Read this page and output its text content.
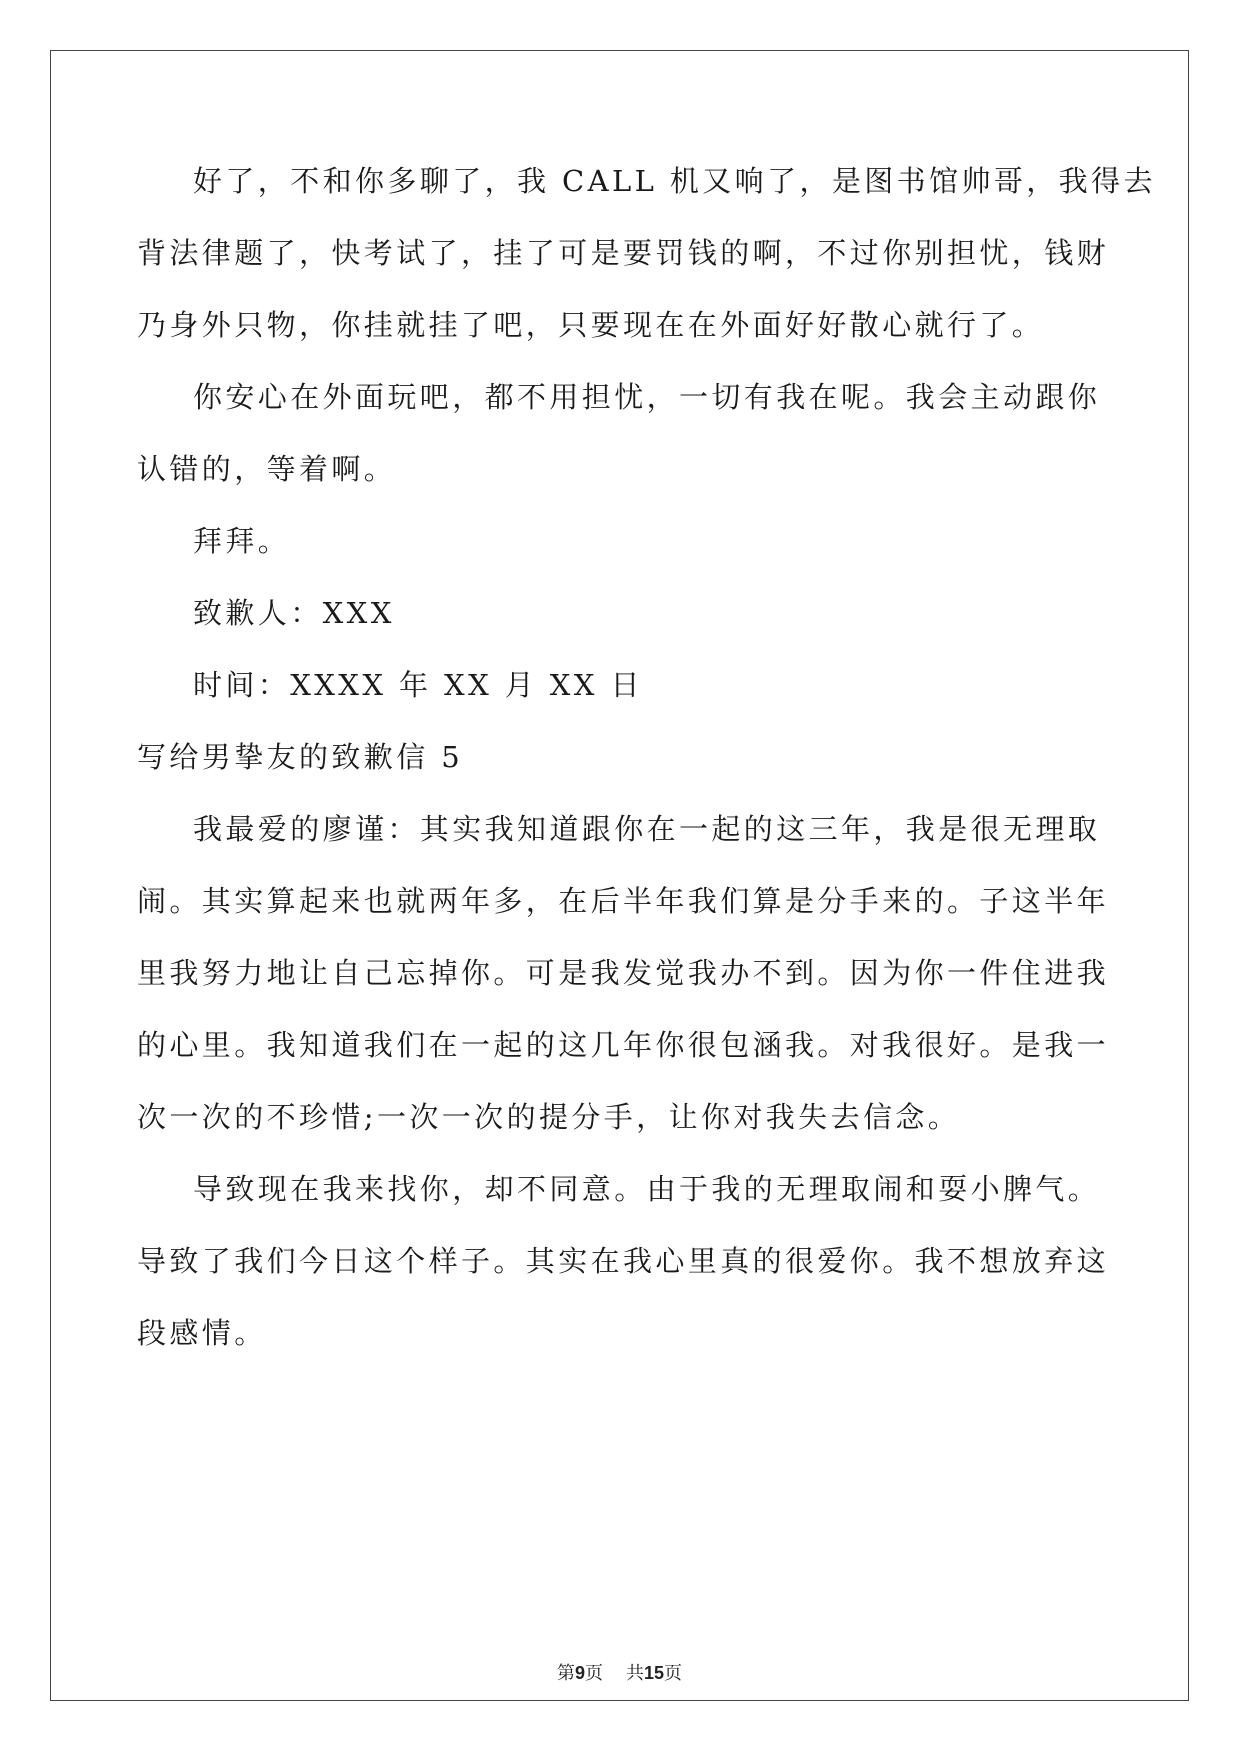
好了，不和你多聊了，我 CALL 机又响了，是图书馆帅哥，我得去

背法律题了，快考试了，挂了可是要罚钱的啊，不过你别担忧，钱财

乃身外只物，你挂就挂了吧，只要现在在外面好好散心就行了。

你安心在外面玩吧，都不用担忧，一切有我在呢。我会主动跟你

认错的，等着啊。

拜拜。

致歉人：XXX

时间：XXXX 年 XX 月 XX 日

写给男挚友的致歉信 5

我最爱的廖谨：其实我知道跟你在一起的这三年，我是很无理取

闹。其实算起来也就两年多，在后半年我们算是分手来的。子这半年

里我努力地让自己忘掉你。可是我发觉我办不到。因为你一件住进我

的心里。我知道我们在一起的这几年你很包涵我。对我很好。是我一

次一次的不珍惜;一次一次的提分手，让你对我失去信念。

导致现在我来找你，却不同意。由于我的无理取闹和耍小脾气。

导致了我们今日这个样子。其实在我心里真的很爱你。我不想放弃这

段感情。

第9页 共15页
